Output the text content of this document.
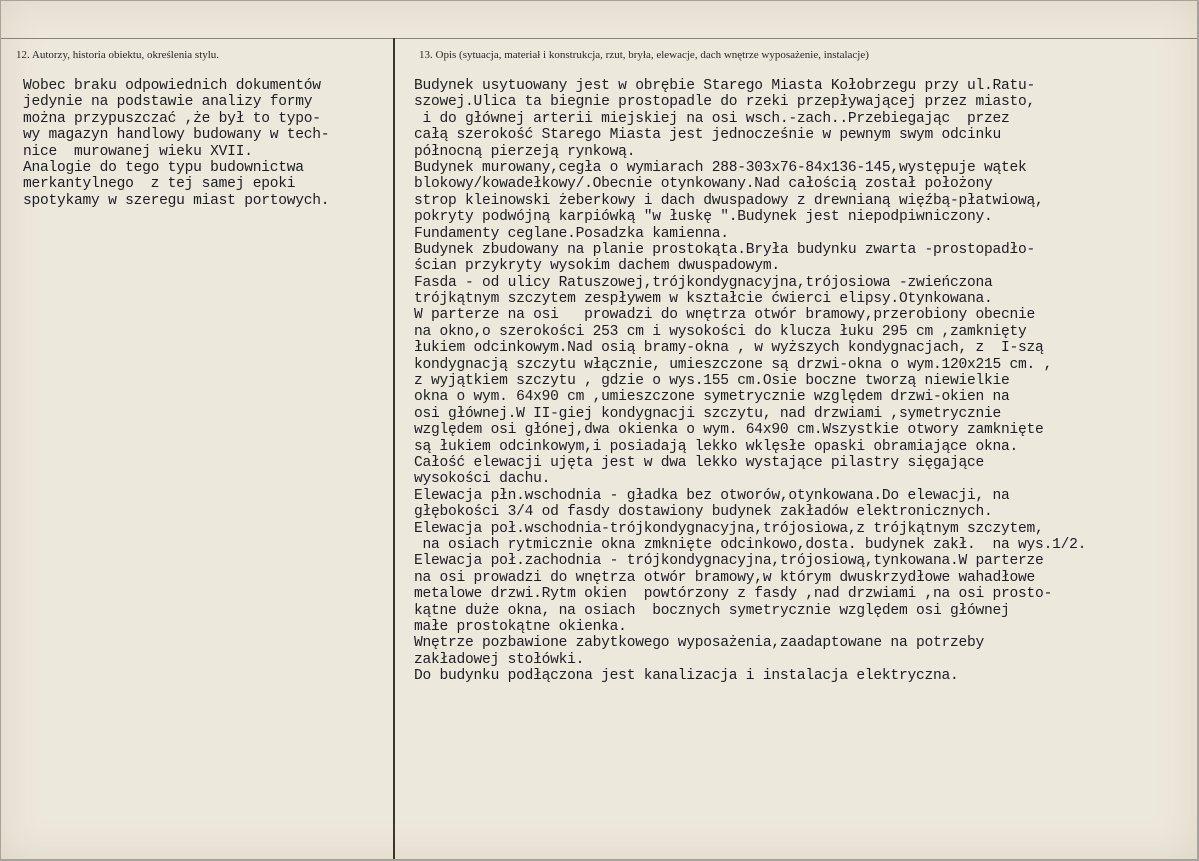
12. Autorzy, historia obiektu, określenia stylu.	13. Opis (sytuacja, materiał i konstrukcja, rzut, bryła, elewacje, dach wnętrze wyposażenie, instalacje)
Wobec braku odpowiednich dokumentów
jedynie na podstawie analizy formy
można przypuszczać ,że był to typo-
wy magazyn handlowy budowany w tech-
nice  murowanej wieku XVII.
Analogie do tego typu budownictwa
merkantylnego  z tej samej epoki
spotykamy w szeregu miast portowych.
Budynek usytuowany jest w obrębie Starego Miasta Kołobrzegu przy ul.Ratu-
szowej.Ulica ta biegnie prostopadle do rzeki przepływającej przez miasto,
i do głównej arterii miejskiej na osi wsch.-zach..Przebiegając  przez
całą szerokość Starego Miasta jest jednocześnie w pewnym swym odcinku
północną pierzeją rynkową.
Budynek murowany,cegła o wymiarach 288-303x76-84x136-145,występuje wątek
blokowy/kowadełkowy/.Obecnie otynkowany.Nad całością został położony
strop kleinowski żeberkowy i dach dwuspadowy z drewnianą więźbą-płatwiową,
pokryty podwójną karpiówką "w łuskę ".Budynek jest niepodpiwniczony.
Fundamenty ceglane.Posadzka kamienna.
Budynek zbudowany na planie prostokąta.Bryła budynku zwarta -prostopadło-
ścian przykryty wysokim dachem dwuspadowym.
Fasda - od ulicy Ratuszowej,trójkondygnacyjna,trójosiowa -zwieńczona
trójkątnym szczytem zespływem w kształcie ćwierci elipsy.Otynkowana.
W parterze na osi   prowadzi do wnętrza otwór bramowy,przerobiony obecnie
na okno,o szerokości 253 cm i wysokości do klucza łuku 295 cm ,zamknięty
łukiem odcinkowym.Nad osią bramy-okna , w wyższych kondygnacjach, z  I-szą
kondygnacją szczytu włącznie, umieszczone są drzwi-okna o wym.120x215 cm. ,
z wyjątkiem szczytu , gdzie o wys.155 cm.Osie boczne tworzą niewielkie
okna o wym. 64x90 cm ,umieszczone symetrycznie względem drzwi-okien na
osi głównej.W II-giej kondygnacji szczytu, nad drzwiami ,symetrycznie
względem osi głónej,dwa okienka o wym. 64x90 cm.Wszystkie otwory zamknięte
są łukiem odcinkowym,i posiadają lekko wklęsłe opaski obramiające okna.
Całość elewacji ujęta jest w dwa lekko wystające pilastry sięgające
wysokości dachu.
Elewacja płn.wschodnia - gładka bez otworów,otynkowana.Do elewacji, na
głębokości 3/4 od fasdy dostawiony budynek zakładów elektronicznych.
Elewacja poł.wschodnia-trójkondygnacyjna,trójosiowa,z trójkątnym szczytem,
na osiach rytmicznie okna zmknięte odcinkowo,dosta. budynek zakł.  na wys.1/2.
Elewacja poł.zachodnia - trójkondygnacyjna,trójosiową,tynkowana.W parterze
na osi prowadzi do wnętrza otwór bramowy,w którym dwuskrzydłowe wahadłowe
metalowe drzwi.Rytm okien  powtórzony z fasdy ,nad drzwiami ,na osi prosto-
kątne duże okna, na osiach  bocznych symetrycznie względem osi głównej
małe prostokątne okienka.
Wnętrze pozbawione zabytkowego wyposażenia,zaadaptowane na potrzeby
zakładowej stołówki.
Do budynku podłączona jest kanalizacja i instalacja elektryczna.
